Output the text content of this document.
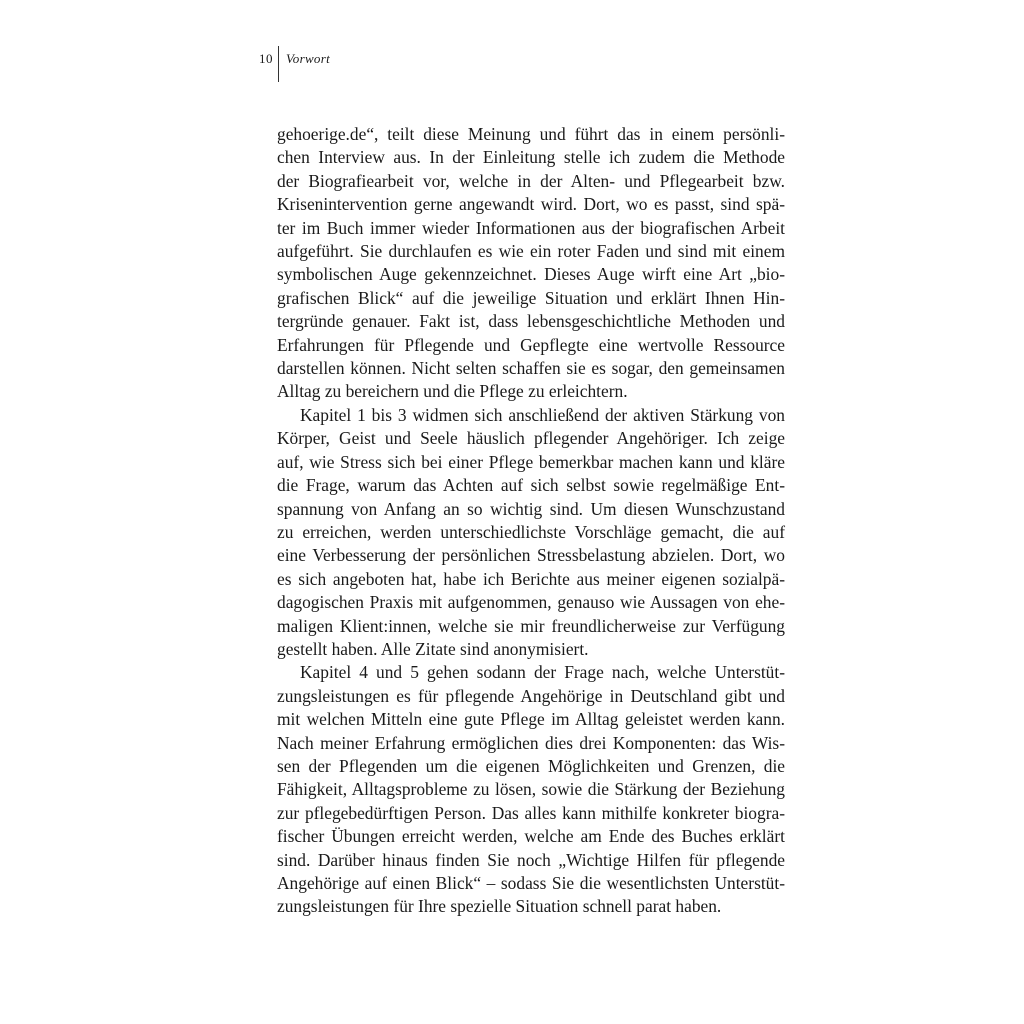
10 Vorwort
gehoerige.de“, teilt diese Meinung und führt das in einem persönli-
chen Interview aus. In der Einleitung stelle ich zudem die Methode
der Biografiearbeit vor, welche in der Alten- und Pflegearbeit bzw.
Krisenintervention gerne angewandt wird. Dort, wo es passt, sind spä-
ter im Buch immer wieder Informationen aus der biografischen Arbeit
aufgeführt. Sie durchlaufen es wie ein roter Faden und sind mit einem
symbolischen Auge gekennzeichnet. Dieses Auge wirft eine Art „bio-
grafischen Blick“ auf die jeweilige Situation und erklärt Ihnen Hin-
tergründe genauer. Fakt ist, dass lebensgeschichtliche Methoden und
Erfahrungen für Pflegende und Gepflegte eine wertvolle Ressource
darstellen können. Nicht selten schaffen sie es sogar, den gemeinsamen
Alltag zu bereichern und die Pflege zu erleichtern.
Kapitel 1 bis 3 widmen sich anschließend der aktiven Stärkung von
Körper, Geist und Seele häuslich pflegender Angehöriger. Ich zeige
auf, wie Stress sich bei einer Pflege bemerkbar machen kann und kläre
die Frage, warum das Achten auf sich selbst sowie regelmäßige Ent-
spannung von Anfang an so wichtig sind. Um diesen Wunschzustand
zu erreichen, werden unterschiedlichste Vorschläge gemacht, die auf
eine Verbesserung der persönlichen Stressbelastung abzielen. Dort, wo
es sich angeboten hat, habe ich Berichte aus meiner eigenen sozialpä-
dagogischen Praxis mit aufgenommen, genauso wie Aussagen von ehe-
maligen Klient:innen, welche sie mir freundlicherweise zur Verfügung
gestellt haben. Alle Zitate sind anonymisiert.
Kapitel 4 und 5 gehen sodann der Frage nach, welche Unterstüt-
zungsleistungen es für pflegende Angehörige in Deutschland gibt und
mit welchen Mitteln eine gute Pflege im Alltag geleistet werden kann.
Nach meiner Erfahrung ermöglichen dies drei Komponenten: das Wis-
sen der Pflegenden um die eigenen Möglichkeiten und Grenzen, die
Fähigkeit, Alltagsprobleme zu lösen, sowie die Stärkung der Beziehung
zur pflegebedürftigen Person. Das alles kann mithilfe konkreter biogra-
fischer Übungen erreicht werden, welche am Ende des Buches erklärt
sind. Darüber hinaus finden Sie noch „Wichtige Hilfen für pflegende
Angehörige auf einen Blick“ – sodass Sie die wesentlichsten Unterstüt-
zungsleistungen für Ihre spezielle Situation schnell parat haben.
